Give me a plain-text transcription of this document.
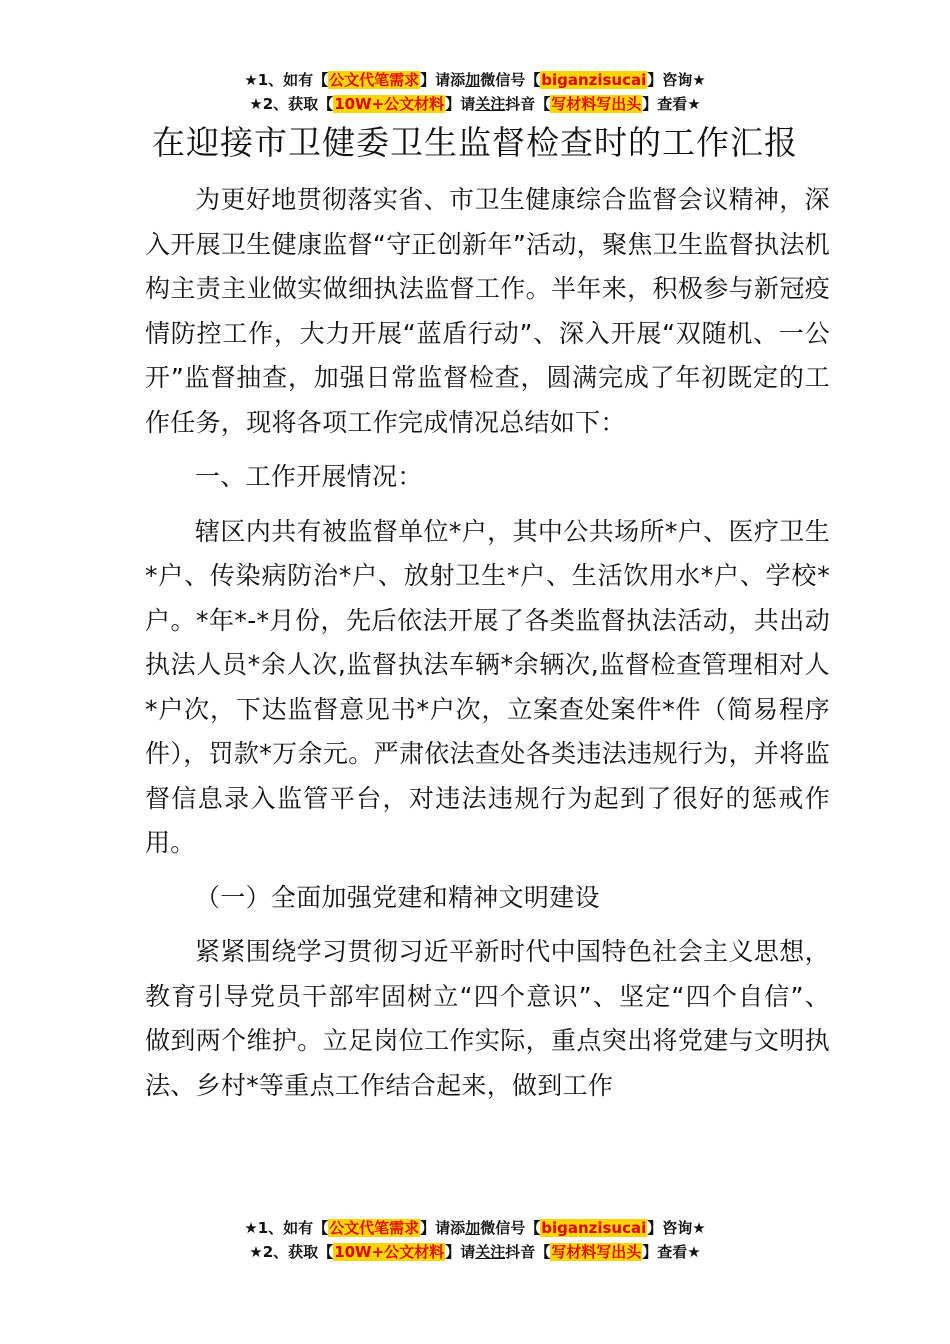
★1、如有【公文代笔需求】请添加微信号【biganzisucai】咨询★
★2、获取【10W+公文材料】请关注抖音【写材料写出头】查看★
在迎接市卫健委卫生监督检查时的工作汇报

为更好地贯彻落实省、市卫生健康综合监督会议精神，深入开展卫生健康监督“守正创新年”活动，聚焦卫生监督执法机构主责主业做实做细执法监督工作。半年来，积极参与新冠疫情防控工作，大力开展“蓝盾行动”、深入开展“双随机、一公开”监督抽查，加强日常监督检查，圆满完成了年初既定的工作任务，现将各项工作完成情况总结如下：

一、工作开展情况：

辖区内共有被监督单位*户，其中公共场所*户、医疗卫生*户、传染病防治*户、放射卫生*户、生活饮用水*户、学校*户。*年*-*月份，先后依法开展了各类监督执法活动，共出动执法人员*余人次,监督执法车辆*余辆次,监督检查管理相对人*户次，下达监督意见书*户次，立案查处案件*件（简易程序件），罚款*万余元。严肃依法查处各类违法违规行为，并将监督信息录入监管平台，对违法违规行为起到了很好的惩戒作用。

（一）全面加强党建和精神文明建设

紧紧围绕学习贯彻习近平新时代中国特色社会主义思想，教育引导党员干部牢固树立“四个意识”、坚定“四个自信”、做到两个维护。立足岗位工作实际，重点突出将党建与文明执法、乡村*等重点工作结合起来，做到工作

★1、如有【公文代笔需求】请添加微信号【biganzisucai】咨询★
★2、获取【10W+公文材料】请关注抖音【写材料写出头】查看★
